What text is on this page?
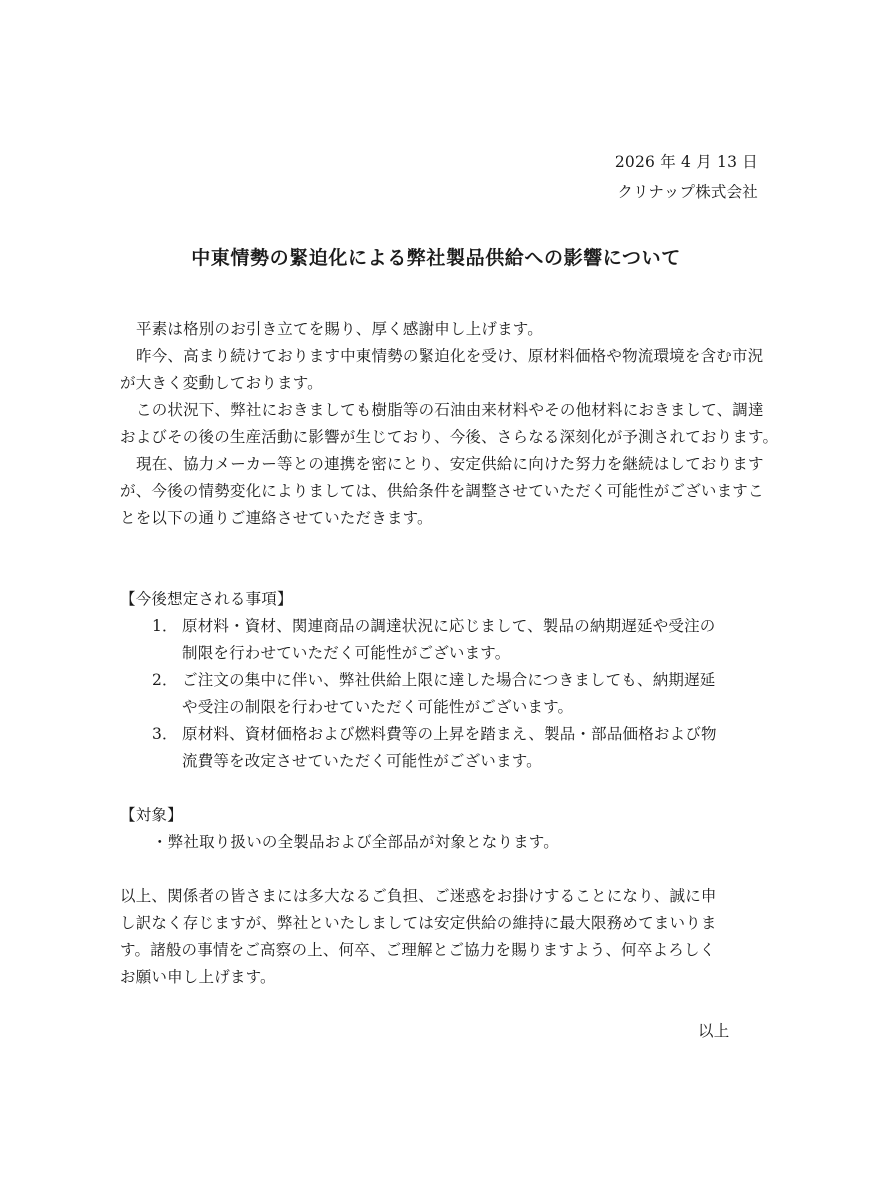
2026 年 4 月 13 日
クリナップ株式会社
中東情勢の緊迫化による弊社製品供給への影響について
平素は格別のお引き立てを賜り、厚く感謝申し上げます。
昨今、高まり続けております中東情勢の緊迫化を受け、原材料価格や物流環境を含む市況
が大きく変動しております。
この状況下、弊社におきましても樹脂等の石油由来材料やその他材料におきまして、調達
およびその後の生産活動に影響が生じており、今後、さらなる深刻化が予測されております。
現在、協力メーカー等との連携を密にとり、安定供給に向けた努力を継続はしております
が、今後の情勢変化によりましては、供給条件を調整させていただく可能性がございますこ
とを以下の通りご連絡させていただきます。
【今後想定される事項】
1． 原材料・資材、関連商品の調達状況に応じまして、製品の納期遅延や受注の
制限を行わせていただく可能性がございます。
2． ご注文の集中に伴い、弊社供給上限に達した場合につきましても、納期遅延
や受注の制限を行わせていただく可能性がございます。
3． 原材料、資材価格および燃料費等の上昇を踏まえ、製品・部品価格および物
流費等を改定させていただく可能性がございます。
【対象】
・弊社取り扱いの全製品および全部品が対象となります。
以上、関係者の皆さまには多大なるご負担、ご迷惑をお掛けすることになり、誠に申
し訳なく存じますが、弊社といたしましては安定供給の維持に最大限務めてまいりま
す。諸般の事情をご高察の上、何卒、ご理解とご協力を賜りますよう、何卒よろしく
お願い申し上げます。
以上
